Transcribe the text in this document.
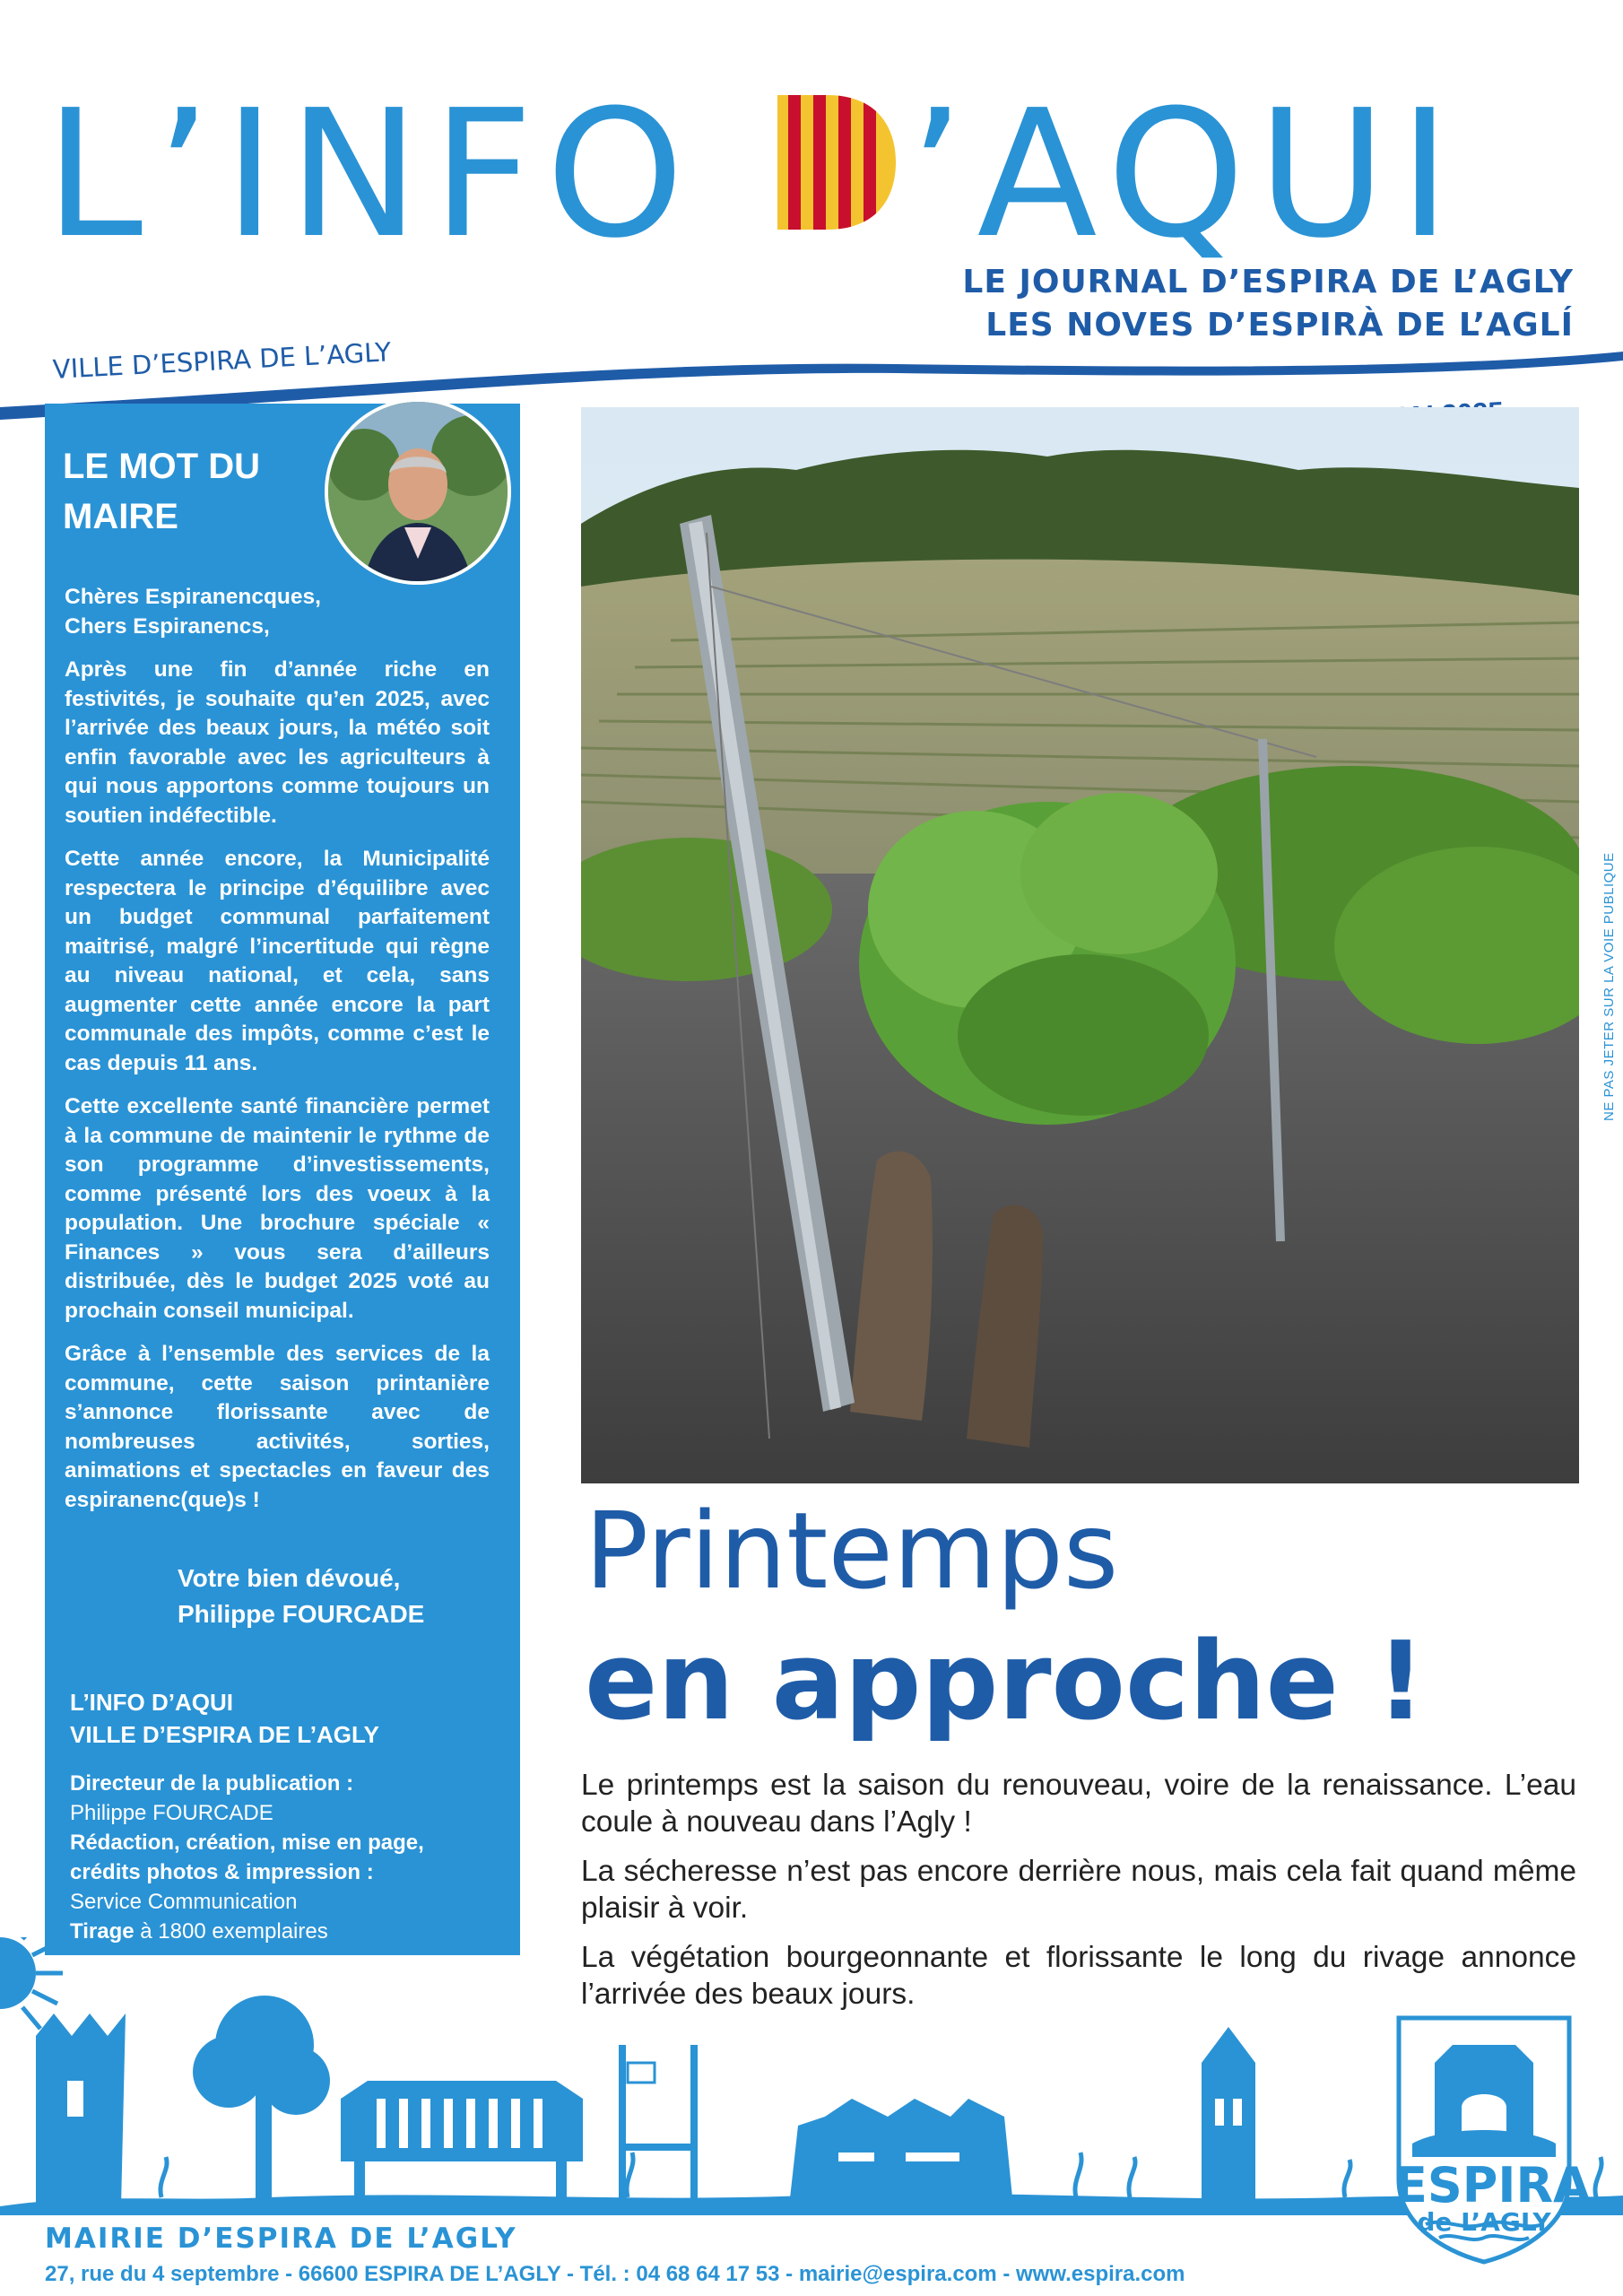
L’INFO ’AQUI
LE JOURNAL D’ESPIRA DE L’AGLY
LES NOVES D’ESPIRÀ DE L’AGLÍ
VILLE D’ESPIRA DE L’AGLY
LE MOT DU MAIRE
Chères Espiranencques,
Chers Espiranencs,

Après une fin d’année riche en festivités, je souhaite qu’en 2025, avec l’arrivée des beaux jours, la météo soit enfin favorable avec les agriculteurs à qui nous apportons comme toujours un soutien indéfectible.

Cette année encore, la Municipalité respectera le principe d’équilibre avec un budget communal parfaitement maitrisé, malgré l’incertitude qui règne au niveau national, et cela, sans augmenter cette année encore la part communale des impôts, comme c’est le cas depuis 11 ans.

Cette excellente santé financière permet à la commune de maintenir le rythme de son programme d’investissements, comme présenté lors des voeux à la population. Une brochure spéciale « Finances » vous sera d’ailleurs distribuée, dès le budget 2025 voté au prochain conseil municipal.

Grâce à l’ensemble des services de la commune, cette saison printanière s’annonce florissante avec de nombreuses activités, sorties, animations et spectacles en faveur des espiranenc(que)s !

Votre bien dévoué,
Philippe FOURCADE
L’INFO D’AQUI
VILLE D’ESPIRA DE L’AGLY
Directeur de la publication :
Philippe FOURCADE
Rédaction, création, mise en page,
crédits photos & impression :
Service Communication
Tirage à 1800 exemplaires
NE PAS JETER SUR LA VOIE PUBLIQUE
Printemps
en approche !

Le printemps est la saison du renouveau, voire de la renaissance. L’eau coule à nouveau dans l’Agly !

La sécheresse n’est pas encore derrière nous, mais cela fait quand même plaisir à voir.

La végétation bourgeonnante et florissante le long du rivage annonce l’arrivée des beaux jours.

ESPIRA
de L’AGLY
MAIRIE D’ESPIRA DE L’AGLY
27, rue du 4 septembre - 66600 ESPIRA DE L’AGLY - Tél. : 04 68 64 17 53 - mairie@espira.com - www.espira.com
